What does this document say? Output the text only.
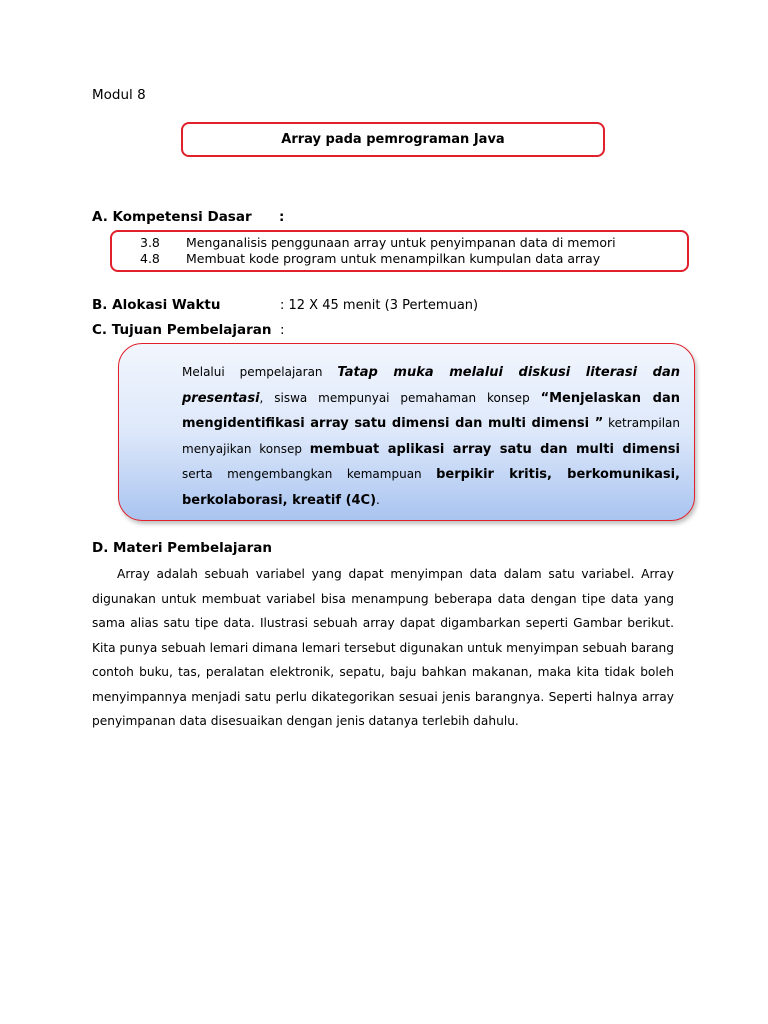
Modul 8
Array pada pemrograman Java
A. Kompetensi Dasar :
3.8 Menganalisis penggunaan array untuk penyimpanan data di memori
4.8 Membuat kode program untuk menampilkan kumpulan data array
B. Alokasi Waktu	: 12 X 45 menit (3 Pertemuan)
C. Tujuan Pembelajaran :
Melalui pempelajaran Tatap muka melalui diskusi literasi dan presentasi, siswa mempunyai pemahaman konsep “Menjelaskan dan mengidentifikasi array satu dimensi dan multi dimensi ” ketrampilan menyajikan konsep membuat aplikasi array satu dan multi dimensi serta mengembangkan kemampuan berpikir kritis, berkomunikasi, berkolaborasi, kreatif (4C).
D. Materi Pembelajaran

Array adalah sebuah variabel yang dapat menyimpan data dalam satu variabel. Array digunakan untuk membuat variabel bisa menampung beberapa data dengan tipe data yang sama alias satu tipe data. Ilustrasi sebuah array dapat digambarkan seperti Gambar berikut. Kita punya sebuah lemari dimana lemari tersebut digunakan untuk menyimpan sebuah barang contoh buku, tas, peralatan elektronik, sepatu, baju bahkan makanan, maka kita tidak boleh menyimpannya menjadi satu perlu dikategorikan sesuai jenis barangnya. Seperti halnya array penyimpanan data disesuaikan dengan jenis datanya terlebih dahulu.
